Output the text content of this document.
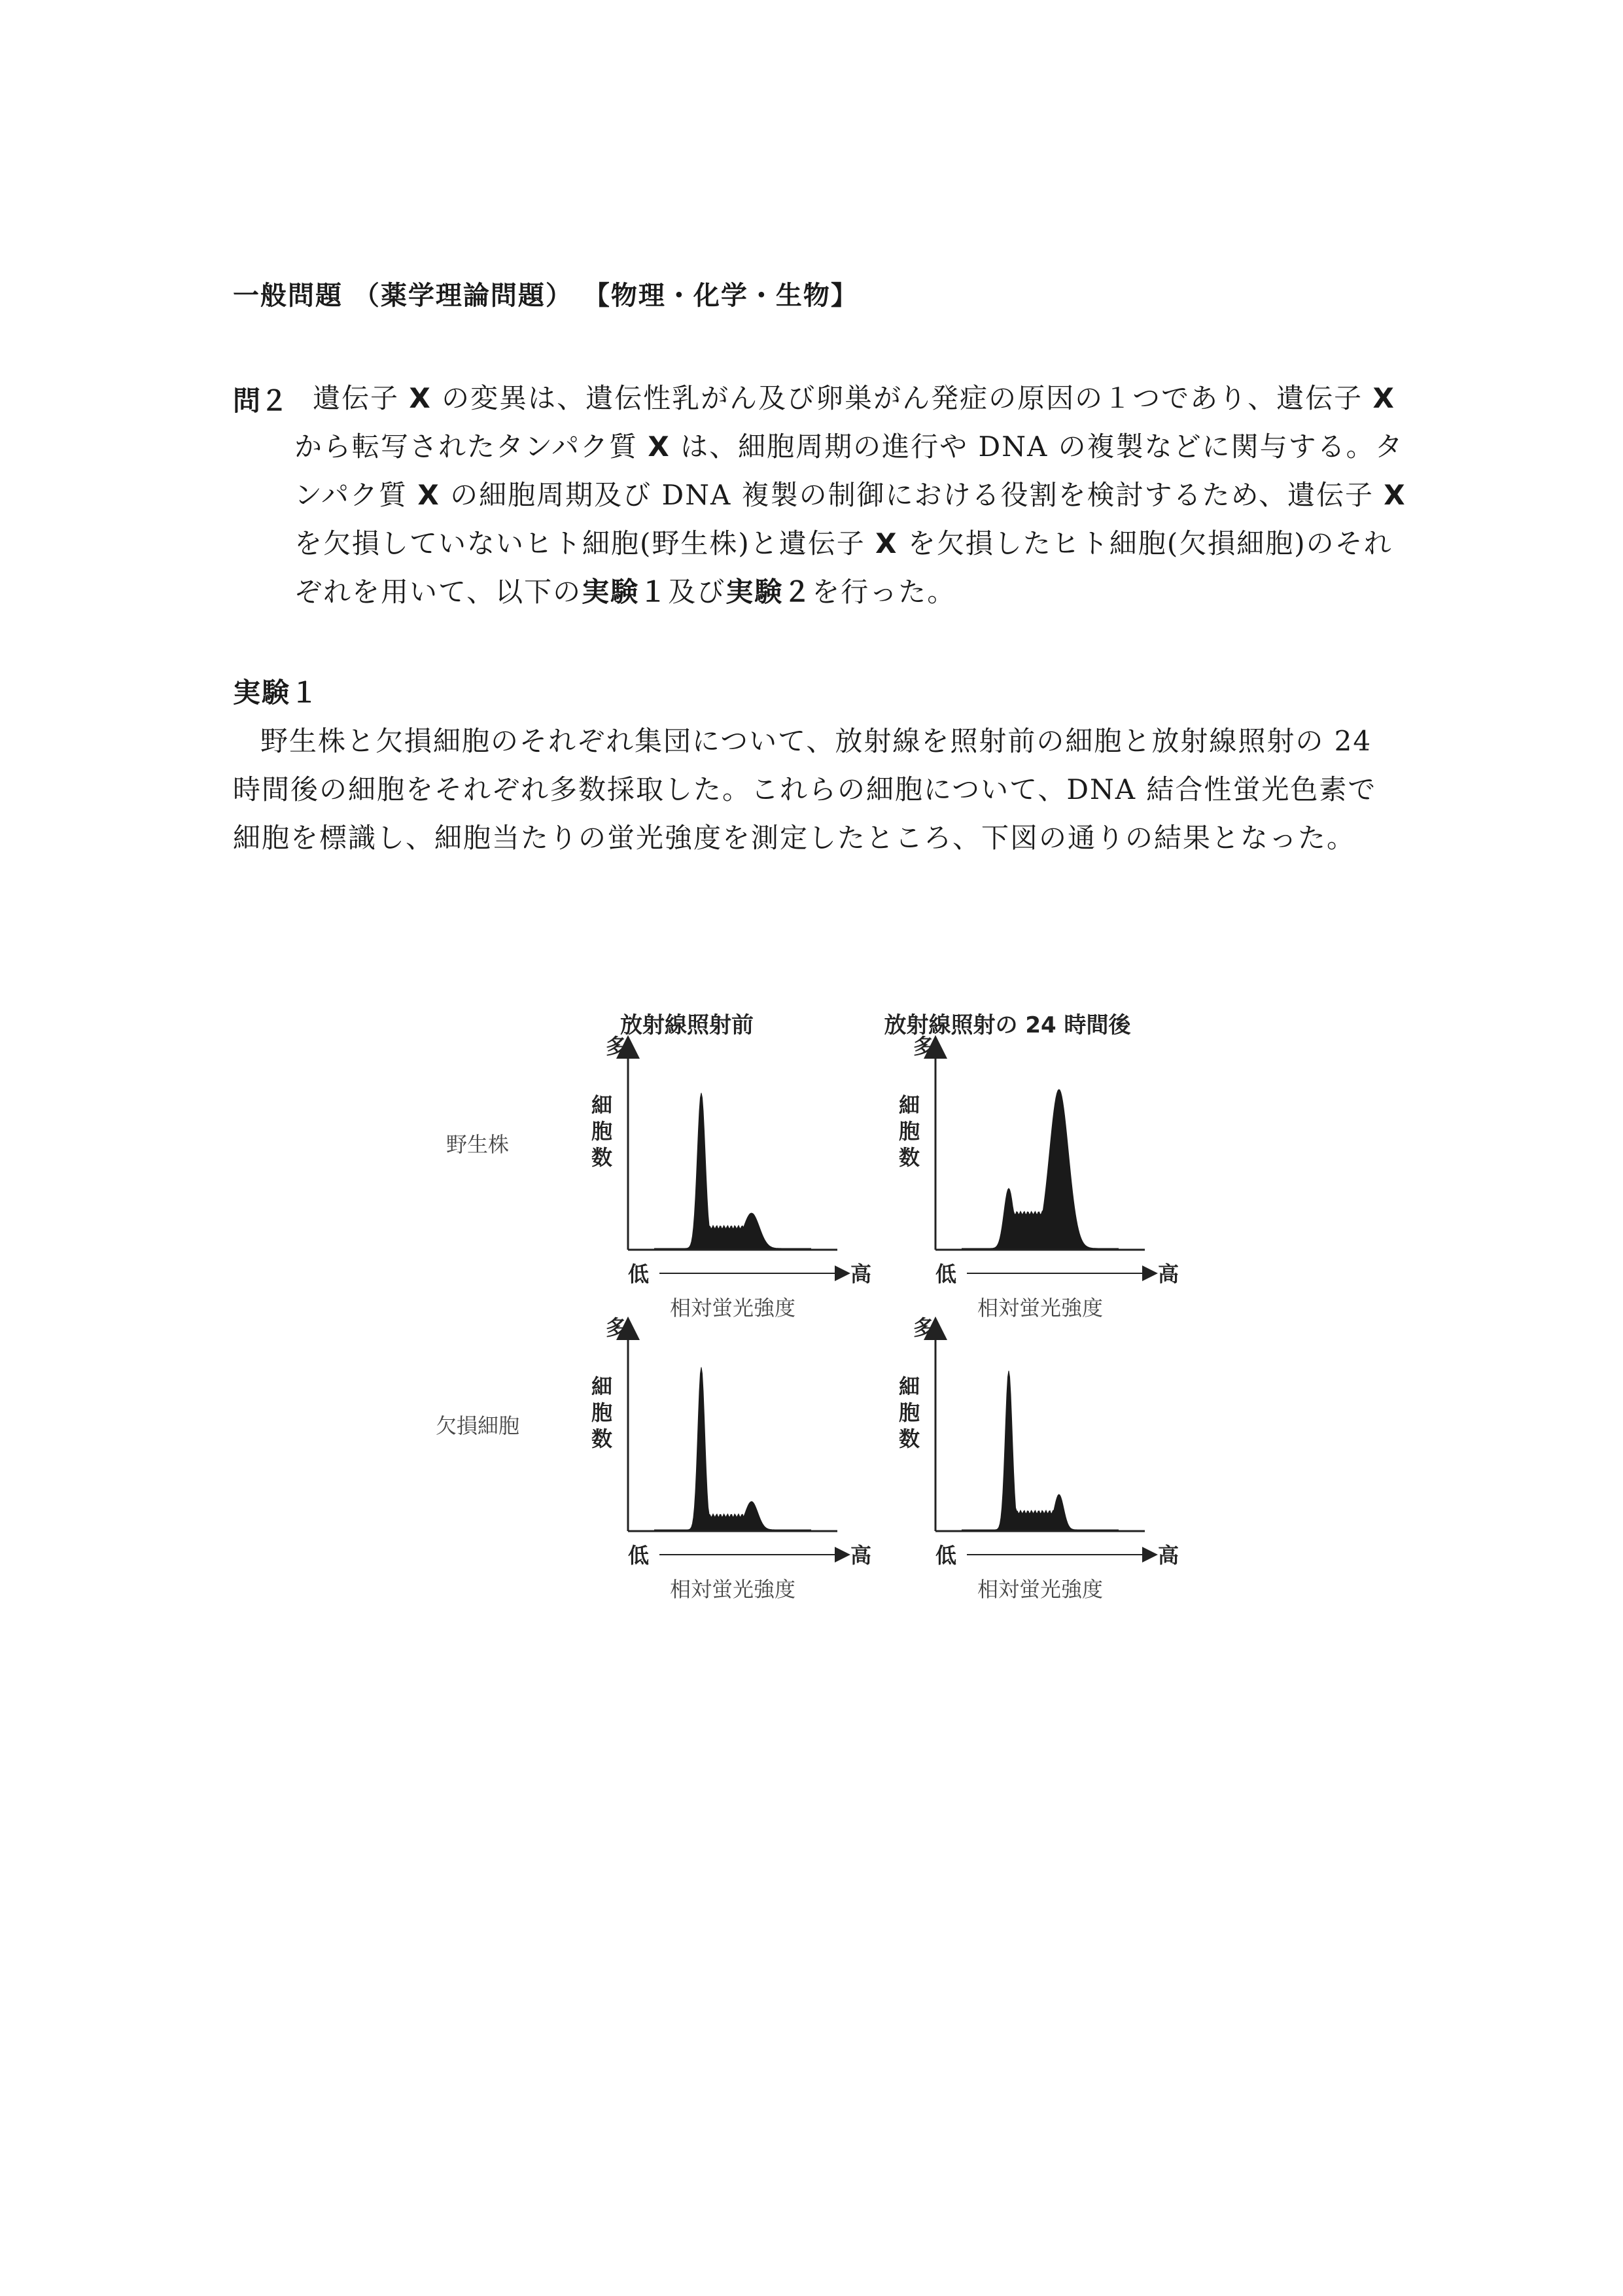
一般問題 （薬学理論問題） 【物理・化学・生物】
問２ 遺伝子 X の変異は、遺伝性乳がん及び卵巣がん発症の原因の１つであり、遺伝子 X
から転写されたタンパク質 X は、細胞周期の進行や DNA の複製などに関与する。タ
ンパク質 X の細胞周期及び DNA 複製の制御における役割を検討するため、遺伝子 X
を欠損していないヒト細胞(野生株)と遺伝子 X を欠損したヒト細胞(欠損細胞)のそれ
ぞれを用いて、以下の実験１及び実験２を行った。
実験１
野生株と欠損細胞のそれぞれ集団について、放射線を照射前の細胞と放射線照射の 24
時間後の細胞をそれぞれ多数採取した。これらの細胞について、DNA 結合性蛍光色素で
細胞を標識し、細胞当たりの蛍光強度を測定したところ、下図の通りの結果となった。
放射線照射前	放射線照射の 24 時間後
野生株
欠損細胞
多
細
胞
数
低	高
相対蛍光強度
多
細
胞
数
低	高
相対蛍光強度
多
細
胞
数
低	高
相対蛍光強度
多
細
胞
数
低	高
相対蛍光強度
